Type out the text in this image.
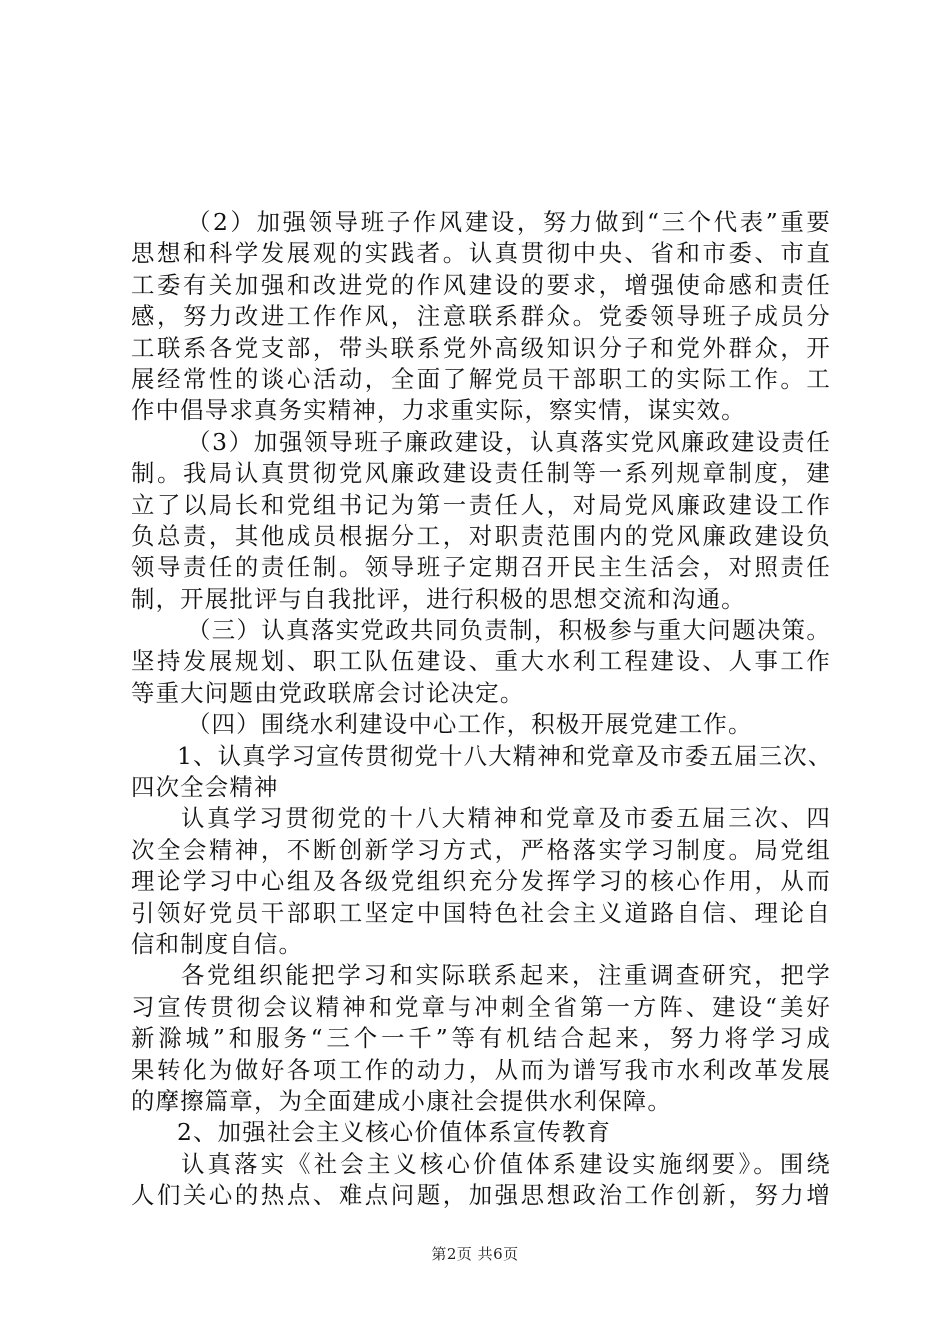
（2）加强领导班子作风建设，努力做到“三个代表”重要
思想和科学发展观的实践者。认真贯彻中央、省和市委、市直
工委有关加强和改进党的作风建设的要求，增强使命感和责任
感，努力改进工作作风，注意联系群众。党委领导班子成员分
工联系各党支部，带头联系党外高级知识分子和党外群众，开
展经常性的谈心活动，全面了解党员干部职工的实际工作。工
作中倡导求真务实精神，力求重实际，察实情，谋实效。
（3）加强领导班子廉政建设，认真落实党风廉政建设责任
制。我局认真贯彻党风廉政建设责任制等一系列规章制度，建
立了以局长和党组书记为第一责任人，对局党风廉政建设工作
负总责，其他成员根据分工，对职责范围内的党风廉政建设负
领导责任的责任制。领导班子定期召开民主生活会，对照责任
制，开展批评与自我批评，进行积极的思想交流和沟通。
（三）认真落实党政共同负责制，积极参与重大问题决策。
坚持发展规划、职工队伍建设、重大水利工程建设、人事工作
等重大问题由党政联席会讨论决定。
（四）围绕水利建设中心工作，积极开展党建工作。
1、认真学习宣传贯彻党十八大精神和党章及市委五届三次、
四次全会精神
认真学习贯彻党的十八大精神和党章及市委五届三次、四
次全会精神，不断创新学习方式，严格落实学习制度。局党组
理论学习中心组及各级党组织充分发挥学习的核心作用，从而
引领好党员干部职工坚定中国特色社会主义道路自信、理论自
信和制度自信。
各党组织能把学习和实际联系起来，注重调查研究，把学
习宣传贯彻会议精神和党章与冲刺全省第一方阵、建设“美好
新滁城”和服务“三个一千”等有机结合起来，努力将学习成
果转化为做好各项工作的动力，从而为谱写我市水利改革发展
的摩擦篇章，为全面建成小康社会提供水利保障。
2、加强社会主义核心价值体系宣传教育
认真落实《社会主义核心价值体系建设实施纲要》。围绕
人们关心的热点、难点问题，加强思想政治工作创新，努力增
第2页 共6页
